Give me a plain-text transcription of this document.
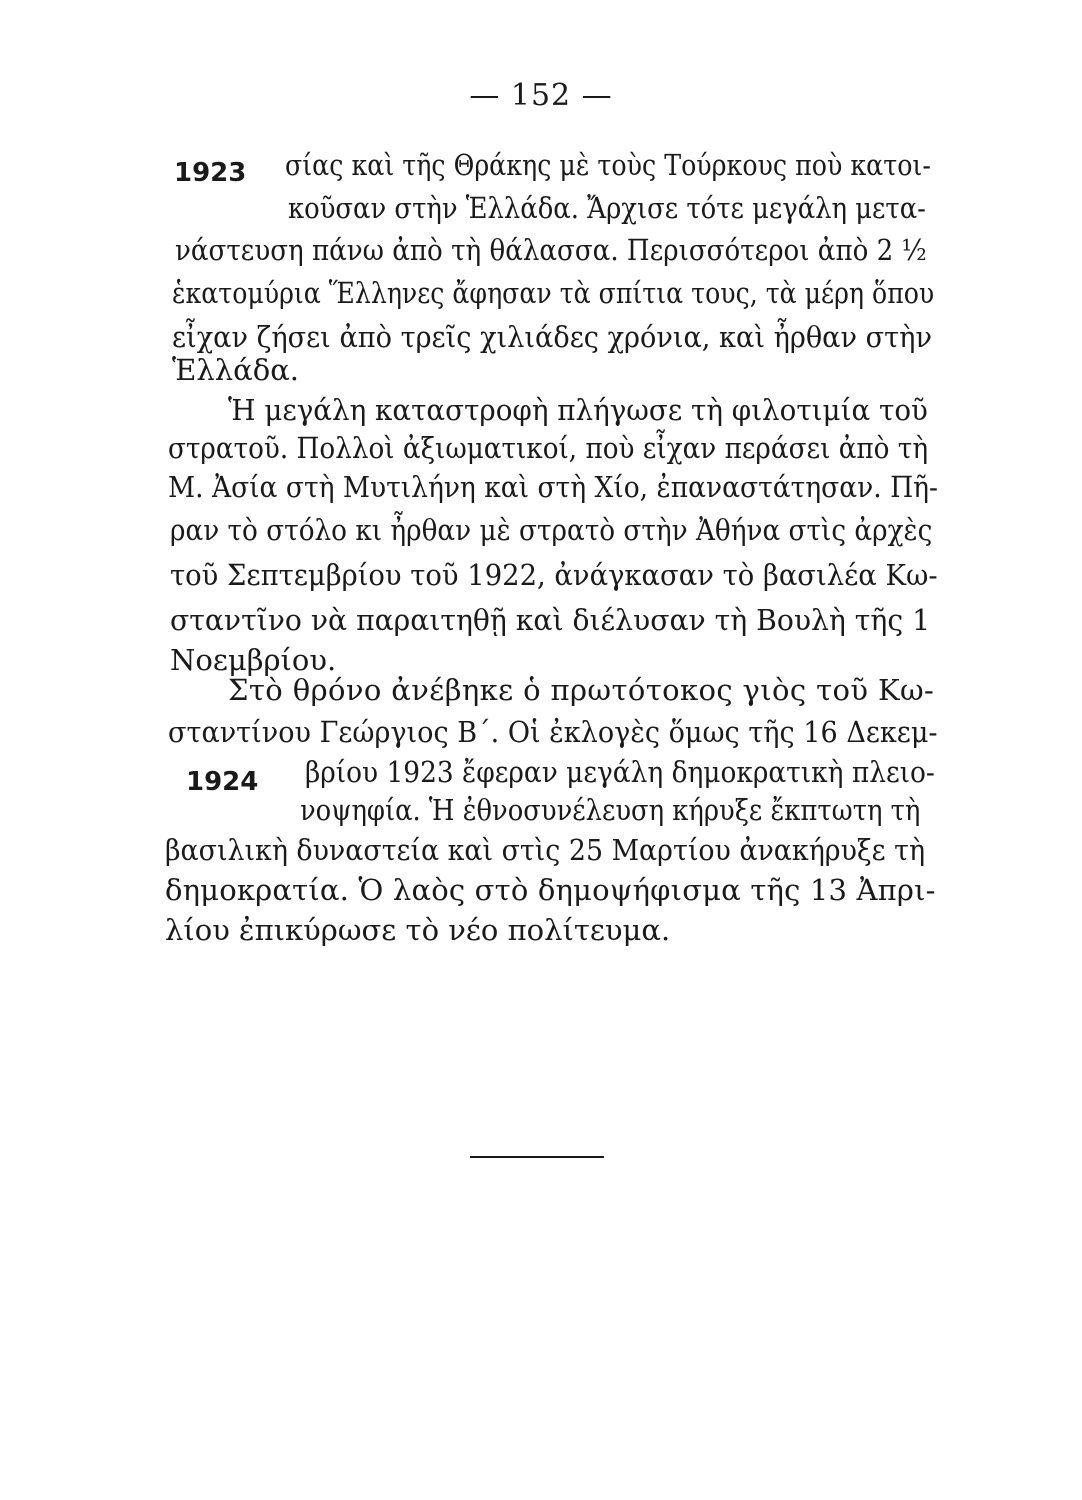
— 152 —
1923
1924
σίας καὶ τῆς Θράκης μὲ τοὺς Τούρκους ποὺ κατοι-
κοῦσαν στὴν Ἑλλάδα. Ἄρχισε τότε μεγάλη μετα-
νάστευση πάνω ἀπὸ τὴ θάλασσα. Περισσότεροι ἀπὸ 2 ½
ἑκατομύρια Ἕλληνες ἄφησαν τὰ σπίτια τους, τὰ μέρη ὅπου
εἶχαν ζήσει ἀπὸ τρεῖς χιλιάδες χρόνια, καὶ ἦρθαν στὴν
Ἑλλάδα.
Ἡ μεγάλη καταστροφὴ πλήγωσε τὴ φιλοτιμία τοῦ
στρατοῦ. Πολλοὶ ἀξιωματικοί, ποὺ εἶχαν περάσει ἀπὸ τὴ
Μ. Ἀσία στὴ Μυτιλήνη καὶ στὴ Χίο, ἐπαναστάτησαν. Πῆ-
ραν τὸ στόλο κι ἦρθαν μὲ στρατὸ στὴν Ἀθήνα στὶς ἀρχὲς
τοῦ Σεπτεμβρίου τοῦ 1922, ἀνάγκασαν τὸ βασιλέα Κω-
σταντῖνο νὰ παραιτηθῇ καὶ διέλυσαν τὴ Βουλὴ τῆς 1
Νοεμβρίου.
Στὸ θρόνο ἀνέβηκε ὁ πρωτότοκος γιὸς τοῦ Κω-
σταντίνου Γεώργιος Β΄. Οἱ ἐκλογὲς ὅμως τῆς 16 Δεκεμ-
βρίου 1923 ἔφεραν μεγάλη δημοκρατικὴ πλειο-
νοψηφία. Ἡ ἐθνοσυνέλευση κήρυξε ἔκπτωτη τὴ
βασιλικὴ δυναστεία καὶ στὶς 25 Μαρτίου ἀνακήρυξε τὴ
δημοκρατία. Ὁ λαὸς στὸ δημοψήφισμα τῆς 13 Ἀπρι-
λίου ἐπικύρωσε τὸ νέο πολίτευμα.
